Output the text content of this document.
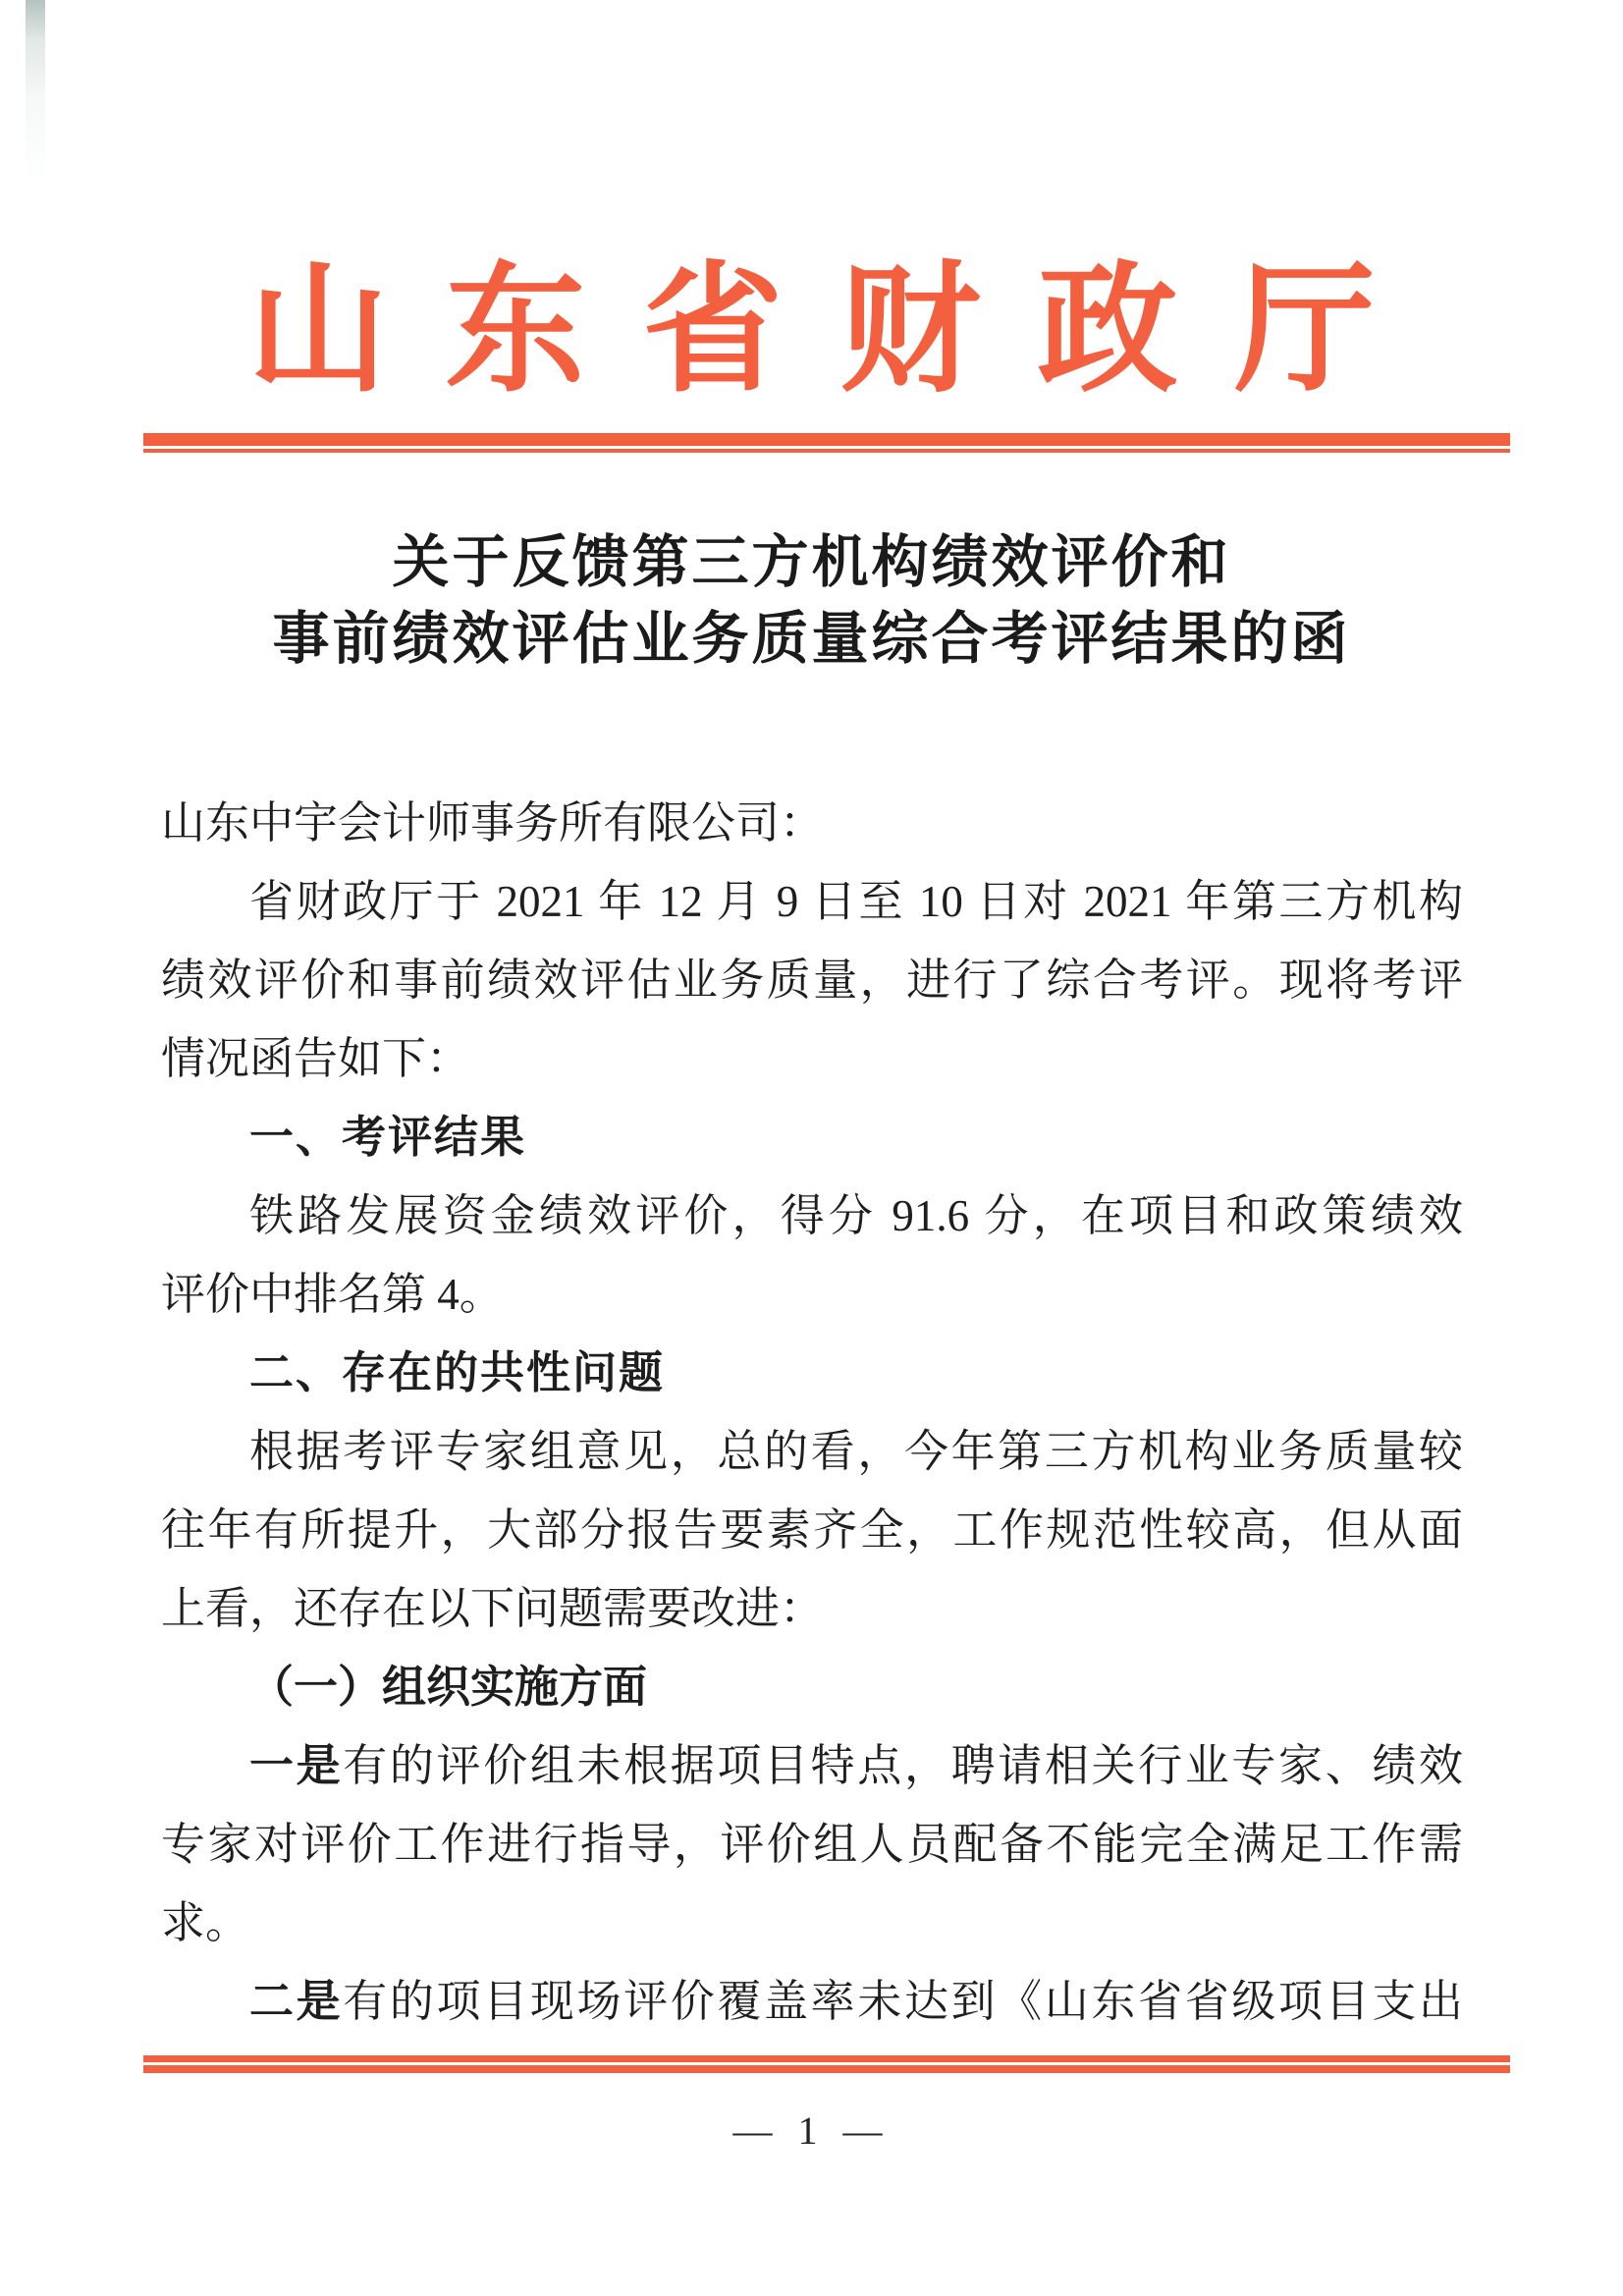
山东省财政厅
关于反馈第三方机构绩效评价和
事前绩效评估业务质量综合考评结果的函
山东中宇会计师事务所有限公司：
省财政厅于 2021 年 12 月 9 日至 10 日对 2021 年第三方机构
绩效评价和事前绩效评估业务质量，进行了综合考评。现将考评
情况函告如下：
一、考评结果
铁路发展资金绩效评价，得分 91.6 分，在项目和政策绩效
评价中排名第 4。
二、存在的共性问题
根据考评专家组意见，总的看，今年第三方机构业务质量较
往年有所提升，大部分报告要素齐全，工作规范性较高，但从面
上看，还存在以下问题需要改进：
（一）组织实施方面
一是有的评价组未根据项目特点，聘请相关行业专家、绩效
专家对评价工作进行指导，评价组人员配备不能完全满足工作需
求。
二是有的项目现场评价覆盖率未达到《山东省省级项目支出
— 1 —
